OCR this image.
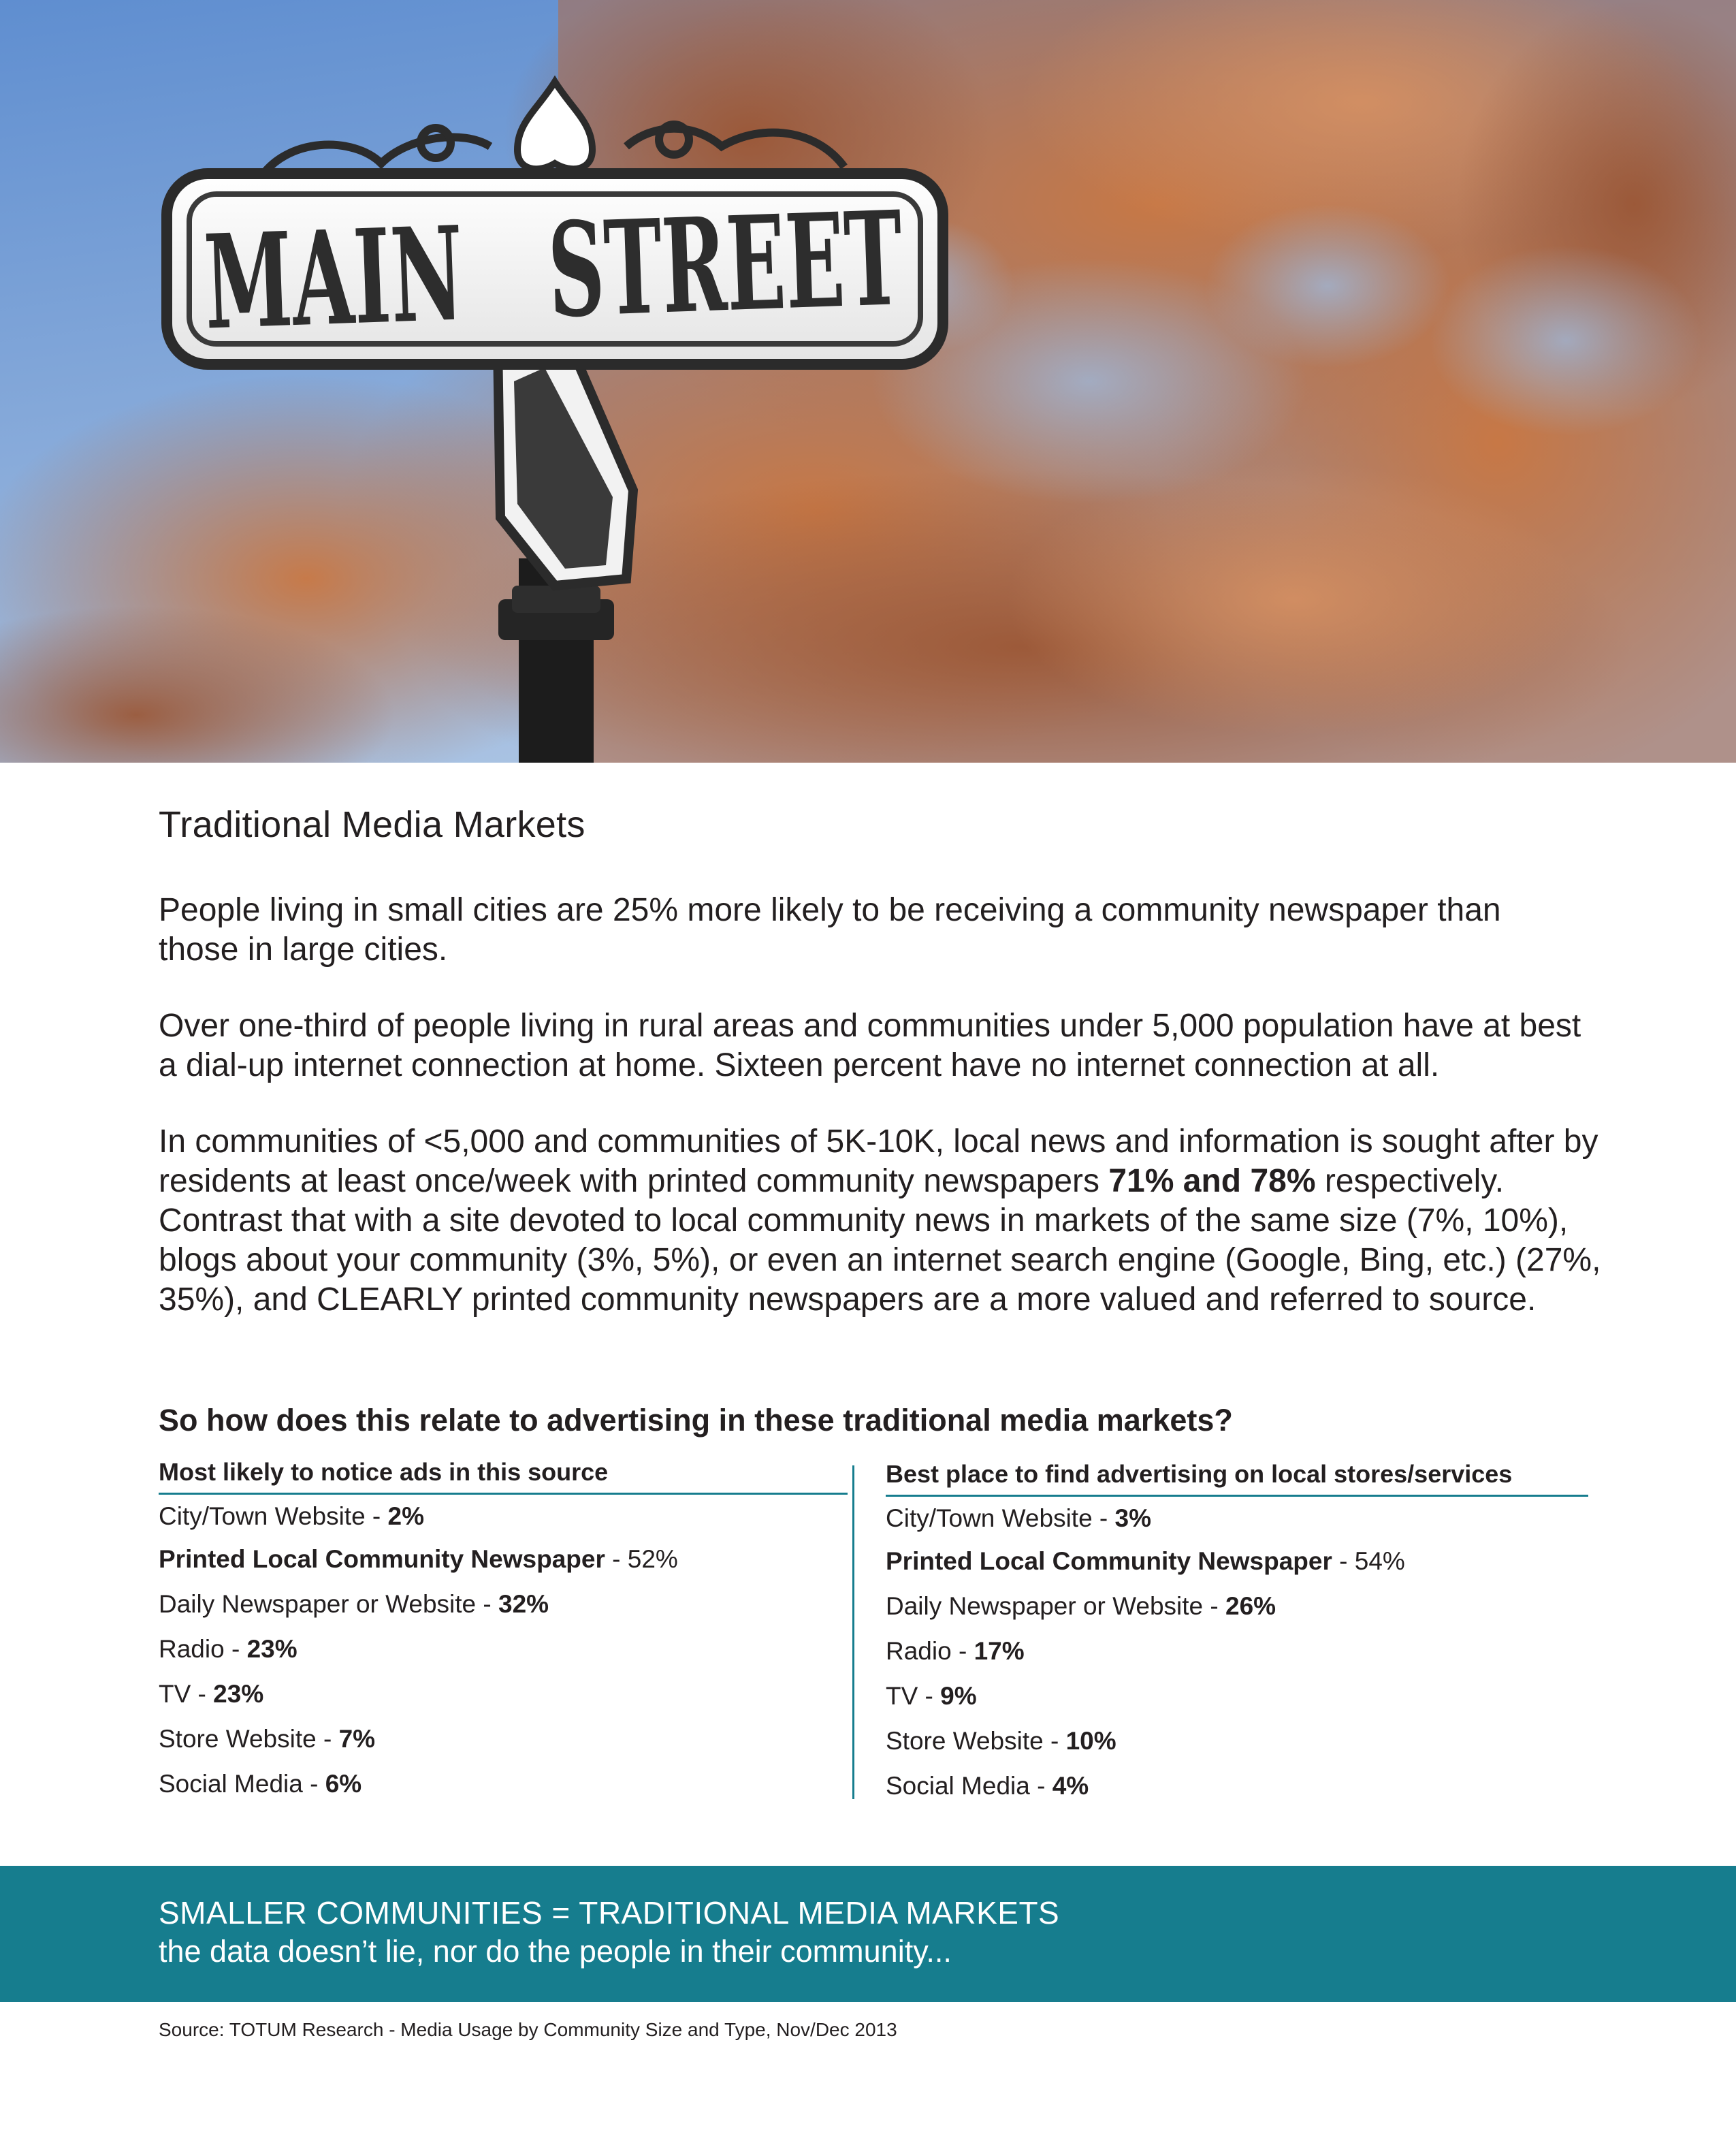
MAIN
STREET
Traditional Media Markets

People living in small cities are 25% more likely to be receiving a community newspaper than those in large cities.

Over one-third of people living in rural areas and communities under 5,000 population have at best a dial-up internet connection at home. Sixteen percent have no internet connection at all.

In communities of <5,000 and communities of 5K-10K, local news and information is sought after by residents at least once/week with printed community newspapers 71% and 78% respectively. Contrast that with a site devoted to local community news in markets of the same size (7%, 10%), blogs about your community (3%, 5%), or even an internet search engine (Google, Bing, etc.) (27%, 35%), and CLEARLY printed community newspapers are a more valued and referred to source.

So how does this relate to advertising in these traditional media markets?
Most likely to notice ads in this source
City/Town Website - 2%
Printed Local Community Newspaper - 52%
Daily Newspaper or Website - 32%
Radio - 23%
TV - 23%
Store Website - 7%
Social Media - 6%
Best place to find advertising on local stores/services
City/Town Website - 3%
Printed Local Community Newspaper - 54%
Daily Newspaper or Website - 26%
Radio - 17%
TV - 9%
Store Website - 10%
Social Media - 4%
SMALLER COMMUNITIES = TRADITIONAL MEDIA MARKETS
the data doesn’t lie, nor do the people in their community...
Source: TOTUM Research - Media Usage by Community Size and Type, Nov/Dec 2013
